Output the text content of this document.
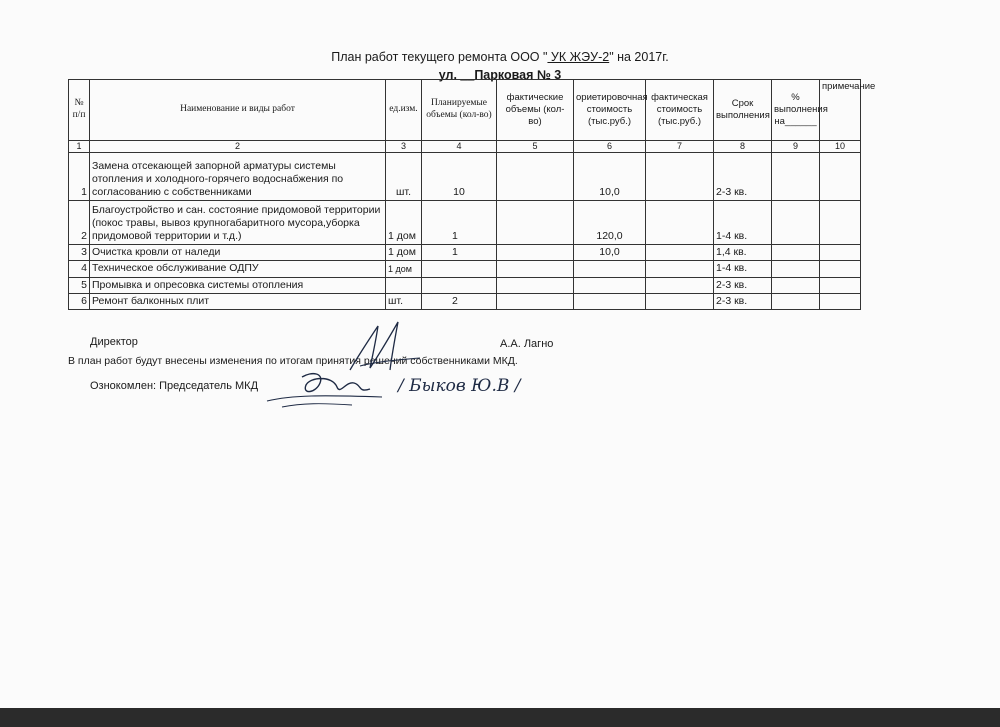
План работ текущего ремонта ООО " УК ЖЭУ-2" на 2017г.
ул. __Парковая № 3
№ п/п	Наименование и виды работ	ед.изм.	Планируемые объемы (кол-во)	фактические объемы (кол-во)	ориетировочная стоимость (тыс.руб.)	фактическая стоимость (тыс.руб.)	Срок выполнения	% выполнения на______	примечание
1	2	3	4	5	6	7	8	9	10
1	Замена отсекающей запорной арматуры системы отопления и холодного-горячего водоснабжения по согласованию с собственниками	шт.	10		10,0		2-3 кв.		
2	Благоустройство и сан. состояние придомовой территории (покос травы, вывоз крупногабаритного мусора,уборка придомовой территории и т.д.)	1 дом	1		120,0		1-4 кв.		
3	Очистка кровли от наледи	1 дом	1		10,0		1,4 кв.		
4	Техническое обслуживание ОДПУ	1 дом					1-4 кв.		
5	Промывка и опресовка системы отопления						2-3 кв.		
6	Ремонт балконных плит	шт.	2				2-3 кв.		
Директор	А.А. Лагно
В план работ будут внесены изменения по итогам принятия решений собственниками МКД.
Ознокомлен: Председатель МКД	/ Быков Ю.В /
